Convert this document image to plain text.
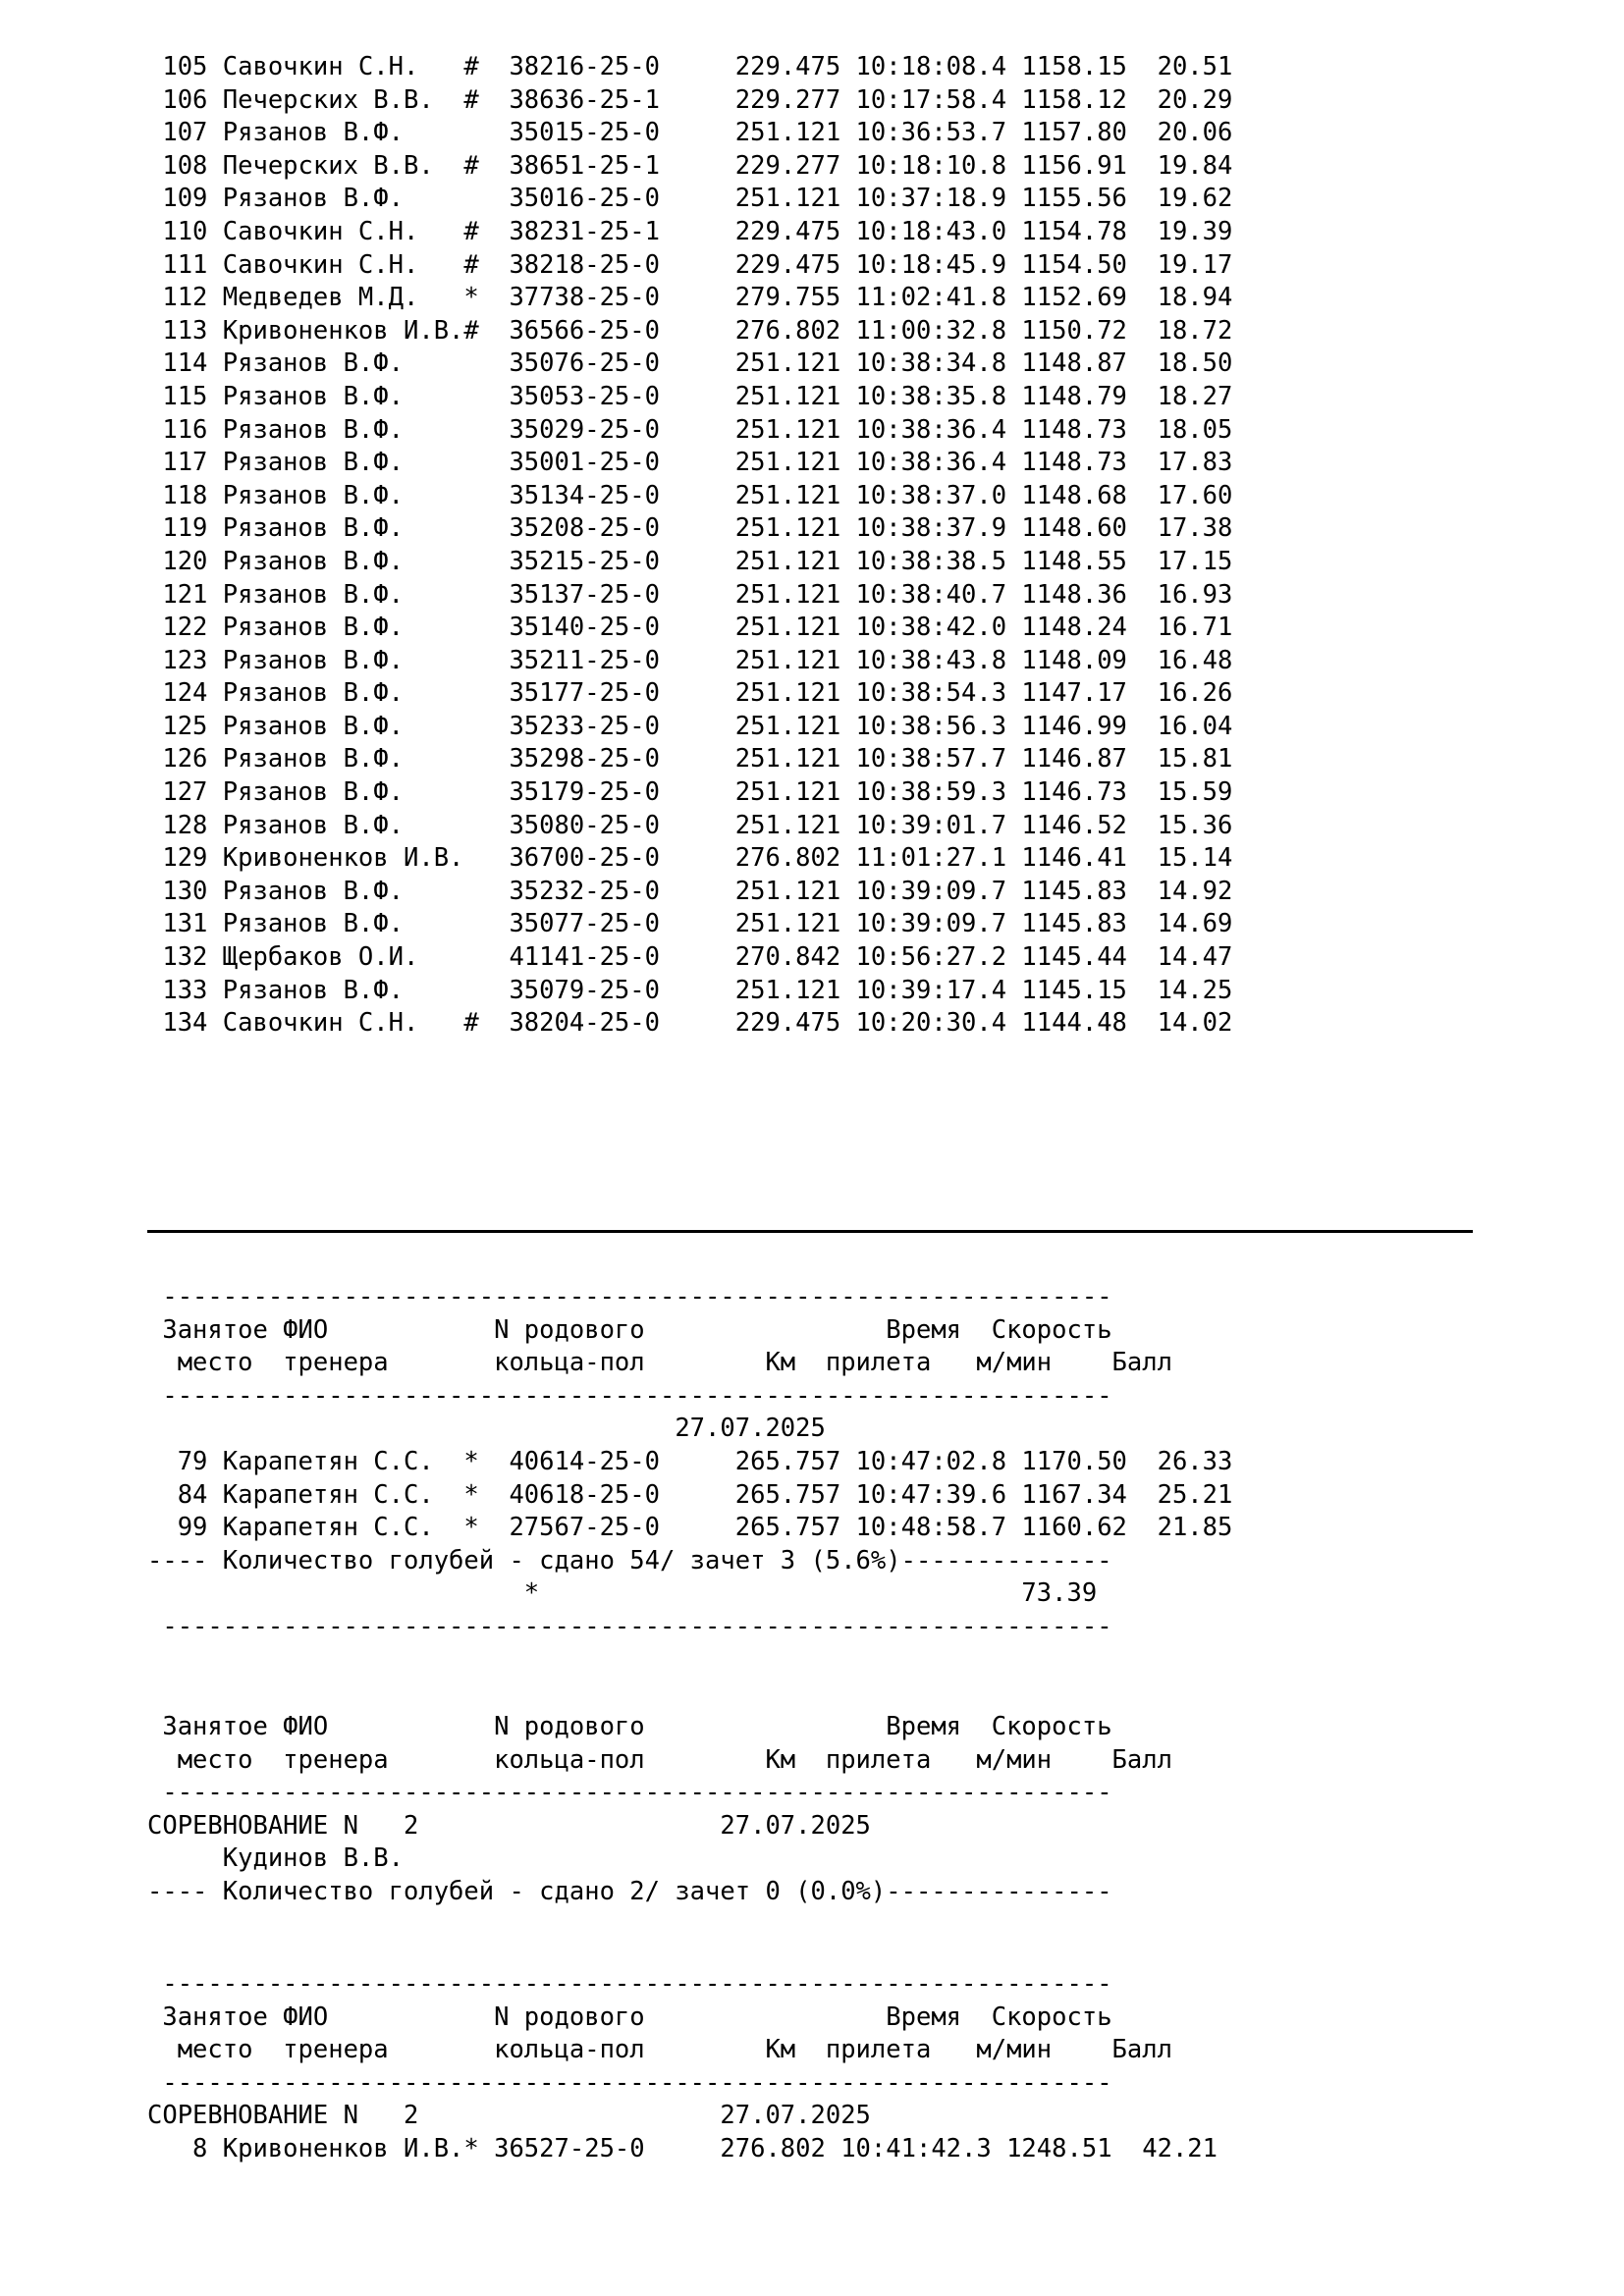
105 Савочкин С.Н.   #  38216-25-0     229.475 10:18:08.4 1158.15  20.51
106 Печерских В.В.  #  38636-25-1     229.277 10:17:58.4 1158.12  20.29
107 Рязанов В.Ф.       35015-25-0     251.121 10:36:53.7 1157.80  20.06
108 Печерских В.В.  #  38651-25-1     229.277 10:18:10.8 1156.91  19.84
109 Рязанов В.Ф.       35016-25-0     251.121 10:37:18.9 1155.56  19.62
110 Савочкин С.Н.   #  38231-25-1     229.475 10:18:43.0 1154.78  19.39
111 Савочкин С.Н.   #  38218-25-0     229.475 10:18:45.9 1154.50  19.17
112 Медведев М.Д.   *  37738-25-0     279.755 11:02:41.8 1152.69  18.94
113 Кривоненков И.В.#  36566-25-0     276.802 11:00:32.8 1150.72  18.72
114 Рязанов В.Ф.       35076-25-0     251.121 10:38:34.8 1148.87  18.50
115 Рязанов В.Ф.       35053-25-0     251.121 10:38:35.8 1148.79  18.27
116 Рязанов В.Ф.       35029-25-0     251.121 10:38:36.4 1148.73  18.05
117 Рязанов В.Ф.       35001-25-0     251.121 10:38:36.4 1148.73  17.83
118 Рязанов В.Ф.       35134-25-0     251.121 10:38:37.0 1148.68  17.60
119 Рязанов В.Ф.       35208-25-0     251.121 10:38:37.9 1148.60  17.38
120 Рязанов В.Ф.       35215-25-0     251.121 10:38:38.5 1148.55  17.15
121 Рязанов В.Ф.       35137-25-0     251.121 10:38:40.7 1148.36  16.93
122 Рязанов В.Ф.       35140-25-0     251.121 10:38:42.0 1148.24  16.71
123 Рязанов В.Ф.       35211-25-0     251.121 10:38:43.8 1148.09  16.48
124 Рязанов В.Ф.       35177-25-0     251.121 10:38:54.3 1147.17  16.26
125 Рязанов В.Ф.       35233-25-0     251.121 10:38:56.3 1146.99  16.04
126 Рязанов В.Ф.       35298-25-0     251.121 10:38:57.7 1146.87  15.81
127 Рязанов В.Ф.       35179-25-0     251.121 10:38:59.3 1146.73  15.59
128 Рязанов В.Ф.       35080-25-0     251.121 10:39:01.7 1146.52  15.36
129 Кривоненков И.В.   36700-25-0     276.802 11:01:27.1 1146.41  15.14
130 Рязанов В.Ф.       35232-25-0     251.121 10:39:09.7 1145.83  14.92
131 Рязанов В.Ф.       35077-25-0     251.121 10:39:09.7 1145.83  14.69
132 Щербаков О.И.      41141-25-0     270.842 10:56:27.2 1145.44  14.47
133 Рязанов В.Ф.       35079-25-0     251.121 10:39:17.4 1145.15  14.25
134 Савочкин С.Н.   #  38204-25-0     229.475 10:20:30.4 1144.48  14.02
---------------------------------------------------------------
Занятое ФИО           N родового                Время  Скорость
место  тренера       кольца-пол        Км  прилета   м/мин    Балл
---------------------------------------------------------------
27.07.2025
79 Карапетян С.С.  *  40614-25-0     265.757 10:47:02.8 1170.50  26.33
84 Карапетян С.С.  *  40618-25-0     265.757 10:47:39.6 1167.34  25.21
99 Карапетян С.С.  *  27567-25-0     265.757 10:48:58.7 1160.62  21.85
---- Количество голубей - сдано 54/ зачет 3 (5.6%)--------------
*                                73.39
---------------------------------------------------------------
Занятое ФИО           N родового                Время  Скорость
место  тренера       кольца-пол        Км  прилета   м/мин    Балл
---------------------------------------------------------------
СОРЕВНОВАНИЕ N   2                    27.07.2025
Кудинов В.В.
---- Количество голубей - сдано 2/ зачет 0 (0.0%)---------------
---------------------------------------------------------------
Занятое ФИО           N родового                Время  Скорость
место  тренера       кольца-пол        Км  прилета   м/мин    Балл
---------------------------------------------------------------
СОРЕВНОВАНИЕ N   2                    27.07.2025
8 Кривоненков И.В.* 36527-25-0     276.802 10:41:42.3 1248.51  42.21
